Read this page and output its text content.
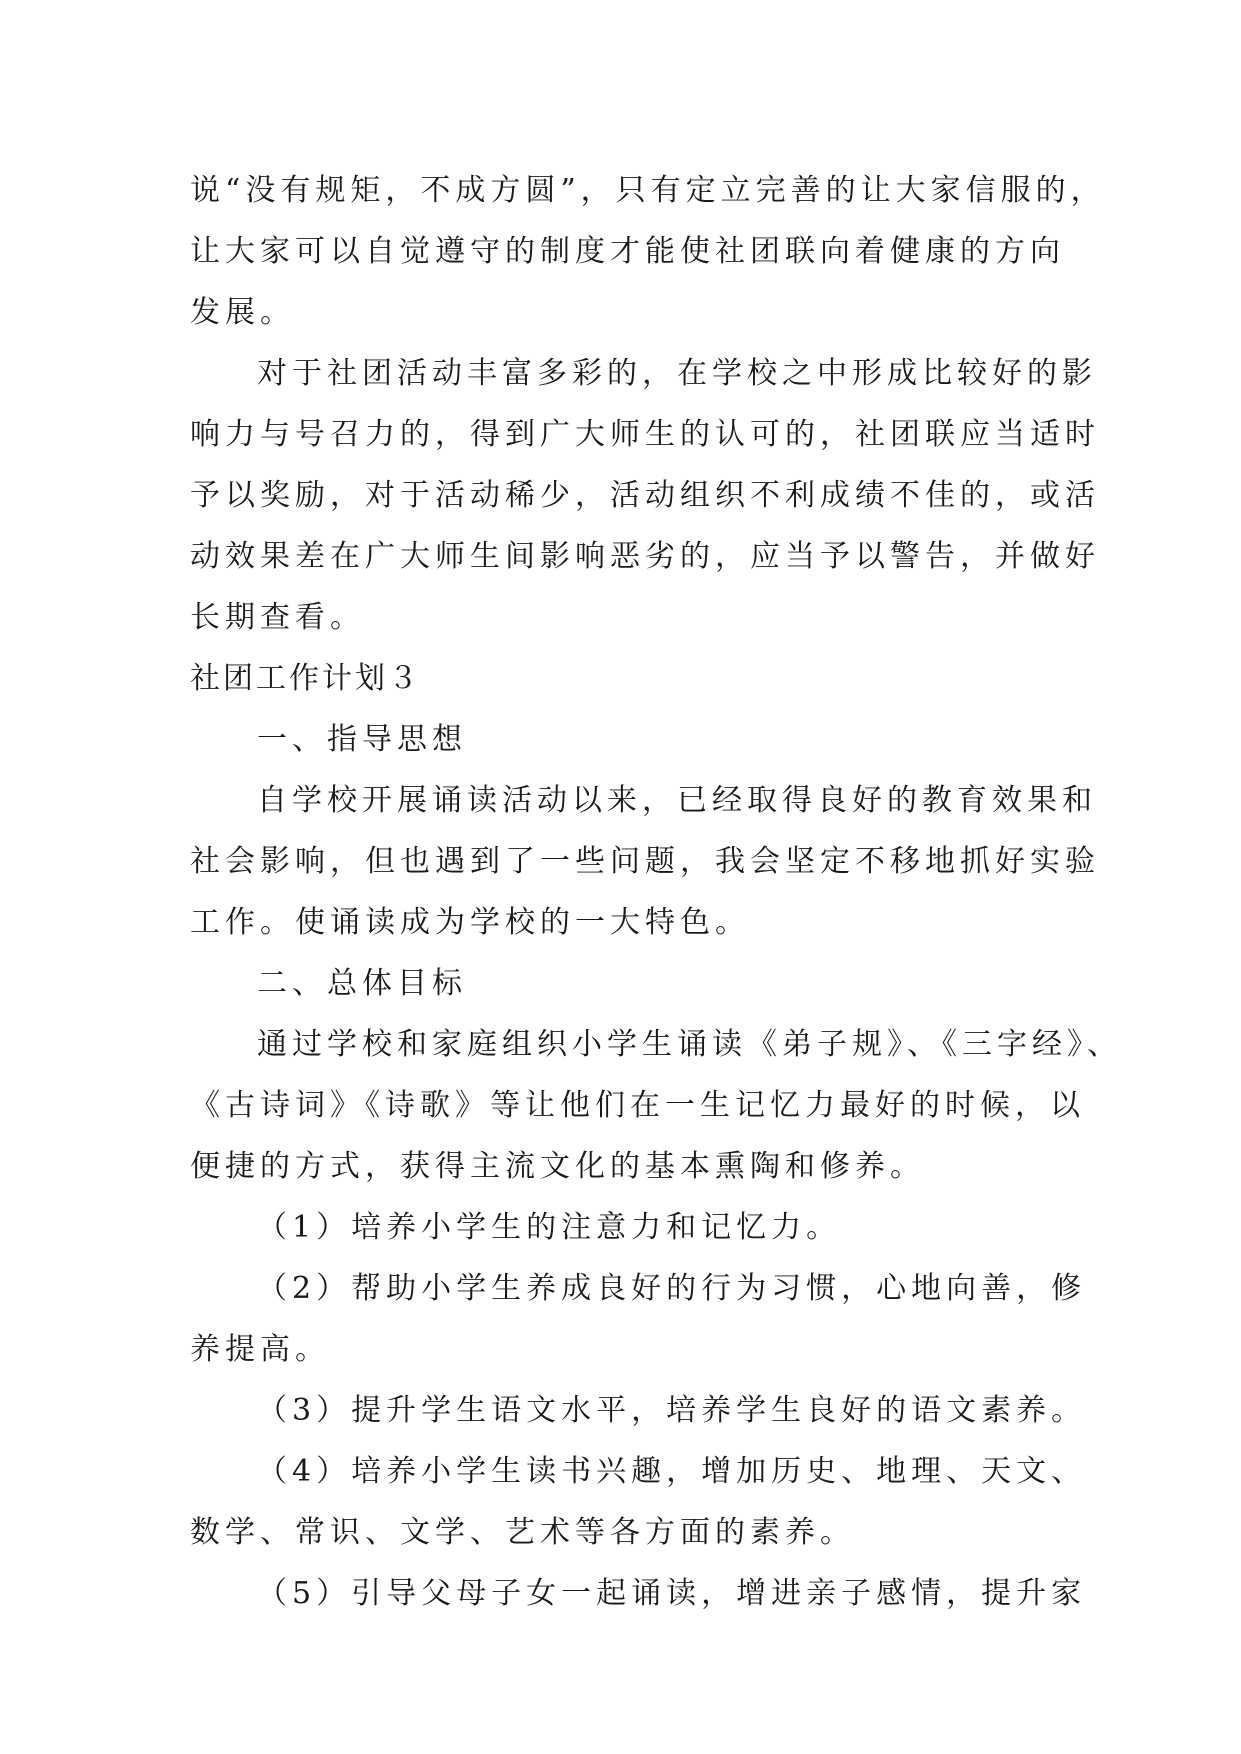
说“没有规矩，不成方圆”，只有定立完善的让大家信服的，
让大家可以自觉遵守的制度才能使社团联向着健康的方向
发展。
对于社团活动丰富多彩的，在学校之中形成比较好的影
响力与号召力的，得到广大师生的认可的，社团联应当适时
予以奖励，对于活动稀少，活动组织不利成绩不佳的，或活
动效果差在广大师生间影响恶劣的，应当予以警告，并做好
长期查看。
社团工作计划３
一、指导思想
自学校开展诵读活动以来，已经取得良好的教育效果和
社会影响，但也遇到了一些问题，我会坚定不移地抓好实验
工作。使诵读成为学校的一大特色。
二、总体目标
通过学校和家庭组织小学生诵读《弟子规》、《三字经》、
《古诗词》《诗歌》等让他们在一生记忆力最好的时候，以
便捷的方式，获得主流文化的基本熏陶和修养。
（1）培养小学生的注意力和记忆力。
（2）帮助小学生养成良好的行为习惯，心地向善，修
养提高。
（3）提升学生语文水平，培养学生良好的语文素养。
（4）培养小学生读书兴趣，增加历史、地理、天文、
数学、常识、文学、艺术等各方面的素养。
（5）引导父母子女一起诵读，增进亲子感情，提升家
